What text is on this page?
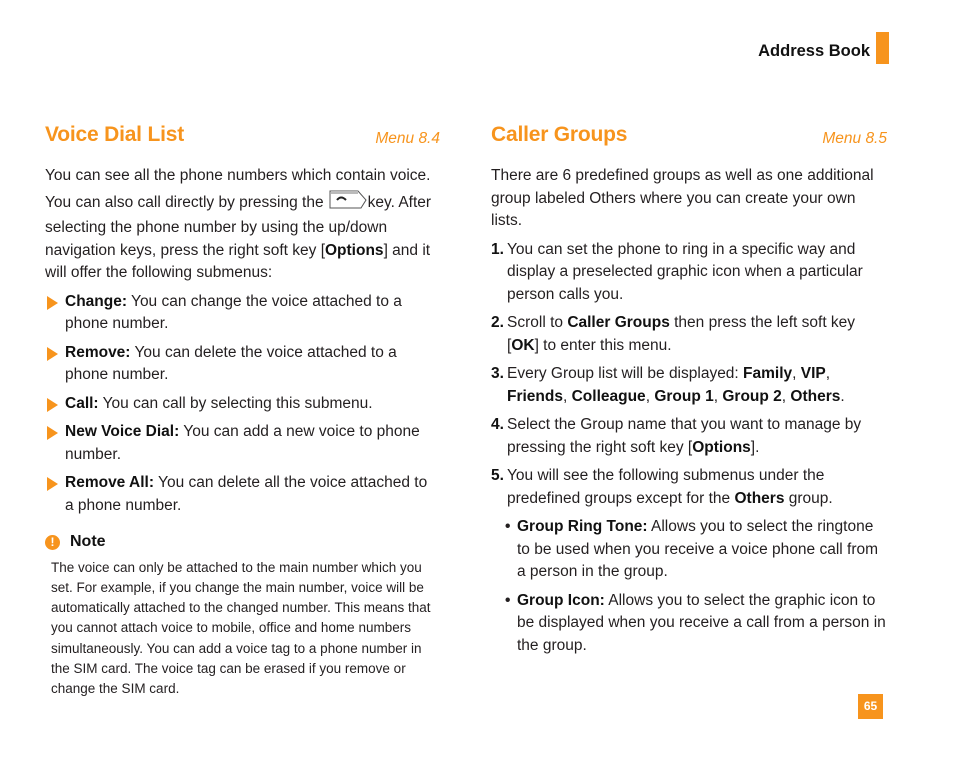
Address Book
Voice Dial List	Menu 8.4

You can see all the phone numbers which contain voice. You can also call directly by pressing the	key. After selecting the phone number by using the up/down navigation keys, press the right soft key [Options] and it will offer the following submenus:

Change: You can change the voice attached to a phone number.
Remove: You can delete the voice attached to a phone number.
Call: You can call by selecting this submenu.
New Voice Dial: You can add a new voice to phone number.
Remove All: You can delete all the voice attached to a phone number.
! Note

The voice can only be attached to the main number which you set. For example, if you change the main number, voice will be automatically attached to the changed number. This means that you cannot attach voice to mobile, office and home numbers simultaneously. You can add a voice tag to a phone number in the SIM card. The voice tag can be erased if you remove or change the SIM card.

Caller Groups	Menu 8.5

There are 6 predefined groups as well as one additional group labeled Others where you can create your own lists.

1. You can set the phone to ring in a specific way and display a preselected graphic icon when a particular person calls you.
2. Scroll to Caller Groups then press the left soft key [OK] to enter this menu.
3. Every Group list will be displayed: Family, VIP, Friends, Colleague, Group 1, Group 2, Others.
4. Select the Group name that you want to manage by pressing the right soft key [Options].
5. You will see the following submenus under the predefined groups except for the Others group.
• Group Ring Tone: Allows you to select the ringtone to be used when you receive a voice phone call from a person in the group.
• Group Icon: Allows you to select the graphic icon to be displayed when you receive a call from a person in the group.
65
